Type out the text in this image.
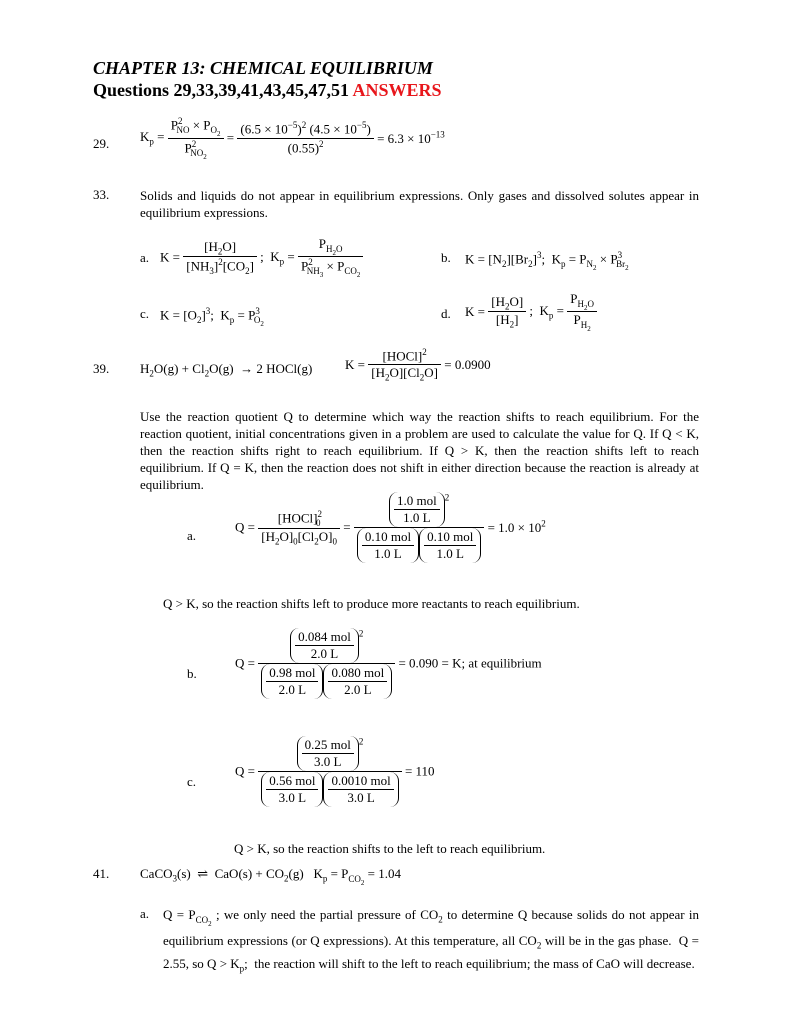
CHAPTER 13: CHEMICAL EQUILIBRIUM
Questions 29,33,39,41,43,45,47,51 ANSWERS
29. $K_p = \frac{P^2_{NO} \times P_{O_2}}{P^2_{NO_2}} = \frac{(6.5 \times 10^{-5})^2 (4.5 \times 10^{-5})}{(0.55)^2} = 6.3 \times 10^{-13}$
33. Solids and liquids do not appear in equilibrium expressions. Only gases and dissolved solutes appear in equilibrium expressions.
a. $K = \frac{[H_2O]}{[NH_3]^2[CO_2]}$ ;  $K_p = \frac{P_{H_2O}}{P^2_{NH_3} \times P_{CO_2}}$	b. $K = [N_2][Br_2]^3$;  $K_p = P_{N_2} \times P^3_{Br_2}$
c. $K = [O_2]^3$;  $K_p = P^3_{O_2}$
d. $K = \frac{[H_2O]}{[H_2]}$ ;  $K_p = \frac{P_{H_2O}}{P_{H_2}}$
39. $H_2O(g) + Cl_2O(g) \to 2$ HOCl(g)	$K = \frac{[HOCl]^2}{[H_2O][Cl_2O]} = 0.0900$
Use the reaction quotient Q to determine which way the reaction shifts to reach equilibrium. For the reaction quotient, initial concentrations given in a problem are used to calculate the value for Q. If Q < K, then the reaction shifts right to reach equilibrium. If Q > K, then the reaction shifts left to reach equilibrium. If Q = K, then the reaction does not shift in either direction because the reaction is already at equilibrium.
a.
$Q = \frac{[HOCl]^2_0}{[H_2O]_0[Cl_2O]_0} = \frac{\frac{\text{1.0 mol}}{1.0 L} ^2}{\frac{\text{0.10 mol}}{1.0 L} \frac{\text{0.10 mol}}{1.0 L}} = 1.0 \times 10^2$
Q > K, so the reaction shifts left to produce more reactants to reach equilibrium.
b.
$Q = \frac{\frac{\text{0.084 mol}}{2.0 L} ^2}{\frac{\text{0.98 mol}}{2.0 L} \frac{\text{0.080 mol}}{2.0 L}} = 0.090 = K$; at equilibrium
c.
$Q = \frac{\frac{\text{0.25 mol}}{3.0 L} ^2}{\frac{\text{0.56 mol}}{3.0 L} \frac{\text{0.0010 mol}}{3.0 L}} = 110$
Q > K, so the reaction shifts to the left to reach equilibrium.
41. CaCO$_3$(s)  ⇌  $CaO(s) + CO_2(g) K_p = P_{CO_2} = 1.04$
a. $Q = P_{CO_2}$ ; we only need the partial pressure of $CO_2$ to determine Q because solids do not appear in equilibrium expressions (or Q expressions). At this temperature, all $CO_2$ will be in the gas phase.  Q = 2.55, so $Q > K_p$;  the reaction will shift to the left to reach equilibrium; the mass of CaO will decrease.
